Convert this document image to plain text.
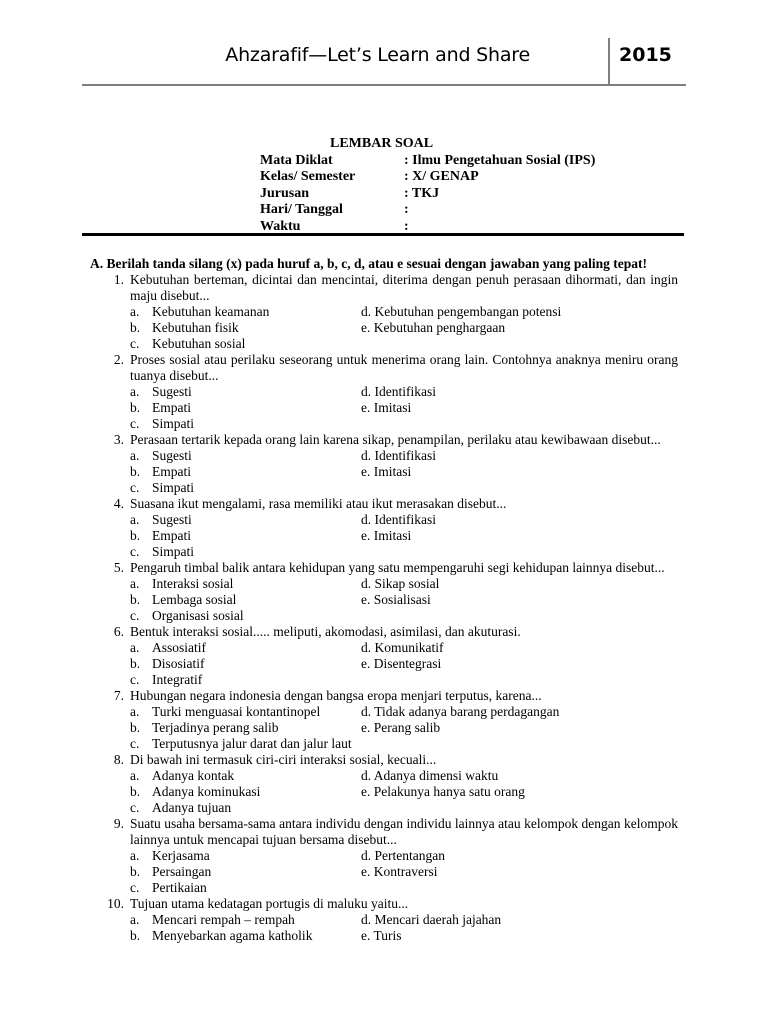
Ahzarafif—Let’s Learn and Share	2015
LEMBAR SOAL
Mata Diklat	: Ilmu Pengetahuan Sosial (IPS)
Kelas/ Semester	: X/ GENAP
Jurusan	: TKJ
Hari/ Tanggal	:
Waktu	:
A. Berilah tanda silang (x) pada huruf a, b, c, d, atau e sesuai dengan jawaban yang paling tepat!
1. Kebutuhan berteman, dicintai dan mencintai, diterima dengan penuh perasaan dihormati, dan ingin maju disebut...
a. Kebutuhan keamanan	d. Kebutuhan pengembangan potensi
b. Kebutuhan fisik	e. Kebutuhan penghargaan
c. Kebutuhan sosial
2. Proses sosial atau perilaku seseorang untuk menerima orang lain. Contohnya anaknya meniru orang tuanya disebut...
a. Sugesti	d. Identifikasi
b. Empati	e. Imitasi
c. Simpati
3. Perasaan tertarik kepada orang lain karena sikap, penampilan, perilaku atau kewibawaan disebut...
a. Sugesti	d. Identifikasi
b. Empati	e. Imitasi
c. Simpati
4. Suasana ikut mengalami, rasa memiliki atau ikut merasakan disebut...
a. Sugesti	d. Identifikasi
b. Empati	e. Imitasi
c. Simpati
5. Pengaruh timbal balik antara kehidupan yang satu mempengaruhi segi kehidupan lainnya disebut...
a. Interaksi sosial	d. Sikap sosial
b. Lembaga sosial	e. Sosialisasi
c. Organisasi sosial
6. Bentuk interaksi sosial..... meliputi, akomodasi, asimilasi, dan akuturasi.
a. Assosiatif	d. Komunikatif
b. Disosiatif	e. Disentegrasi
c. Integratif
7. Hubungan negara indonesia dengan bangsa eropa menjari terputus, karena...
a. Turki menguasai kontantinopel	d. Tidak adanya barang perdagangan
b. Terjadinya perang salib	e. Perang salib
c. Terputusnya jalur darat dan jalur laut
8. Di bawah ini termasuk ciri-ciri interaksi sosial, kecuali...
a. Adanya kontak	d. Adanya dimensi waktu
b. Adanya kominukasi	e. Pelakunya hanya satu orang
c. Adanya tujuan
9. Suatu usaha bersama-sama antara individu dengan individu lainnya atau kelompok dengan kelompok lainnya untuk mencapai tujuan bersama disebut...
a. Kerjasama	d. Pertentangan
b. Persaingan	e. Kontraversi
c. Pertikaian
10. Tujuan utama kedatagan portugis di maluku yaitu...
a. Mencari rempah – rempah	d. Mencari daerah jajahan
b. Menyebarkan agama katholik	e. Turis
